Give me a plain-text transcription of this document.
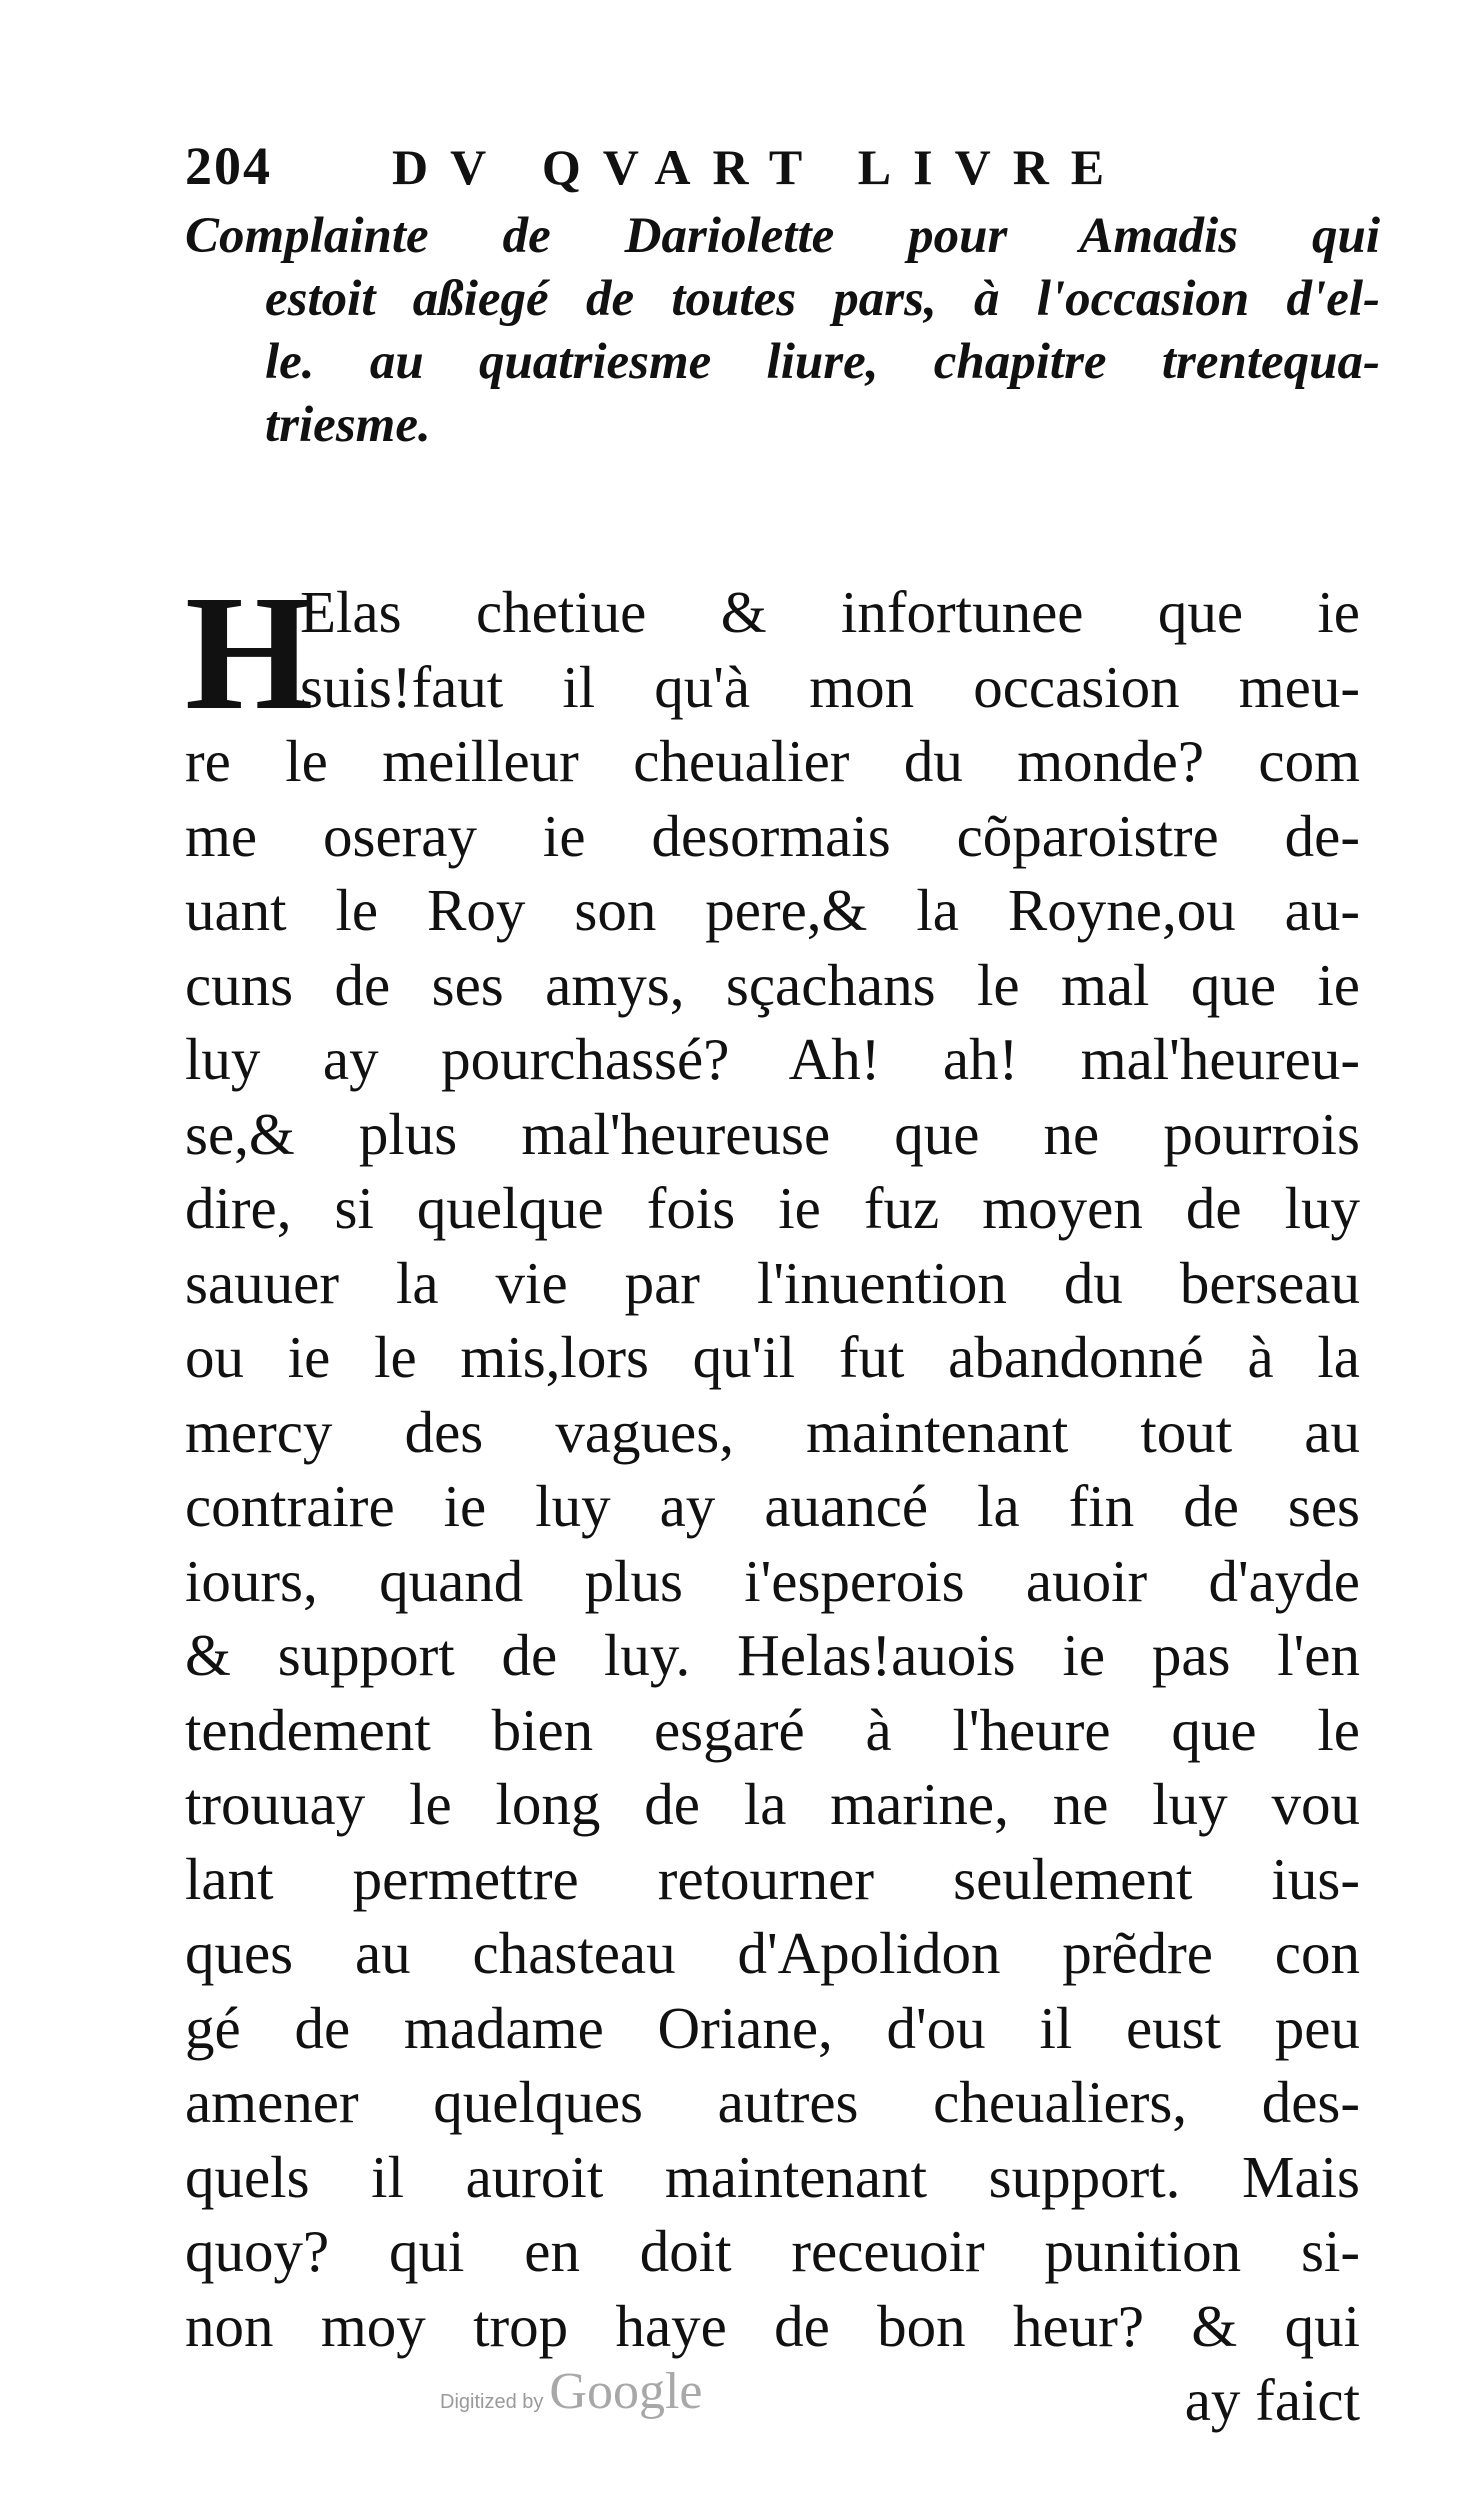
204 DV QVART LIVRE
Complainte de Dariolette pour Amadis qui
estoit aßiegé de toutes pars, à l'occasion d'el-
le. au quatriesme liure, chapitre trentequa-
triesme.
H
Elas chetiue & infortunee que ie
suis!faut il qu'à mon occasion meu-
re le meilleur cheualier du monde? com
me oseray ie desormais cõparoistre de-
uant le Roy son pere,& la Royne,ou au-
cuns de ses amys, sçachans le mal que ie
luy ay pourchassé? Ah! ah! mal'heureu-
se,& plus mal'heureuse que ne pourrois
dire, si quelque fois ie fuz moyen de luy
sauuer la vie par l'inuention du berseau
ou ie le mis,lors qu'il fut abandonné à la
mercy des vagues, maintenant tout au
contraire ie luy ay auancé la fin de ses
iours, quand plus i'esperois auoir d'ayde
& support de luy. Helas!auois ie pas l'en
tendement bien esgaré à l'heure que le
trouuay le long de la marine, ne luy vou
lant permettre retourner seulement ius-
ques au chasteau d'Apolidon prẽdre con
gé de madame Oriane, d'ou il eust peu
amener quelques autres cheualiers, des-
quels il auroit maintenant support. Mais
quoy? qui en doit receuoir punition si-
non moy trop haye de bon heur? & qui
ay faict
Digitized by Google
